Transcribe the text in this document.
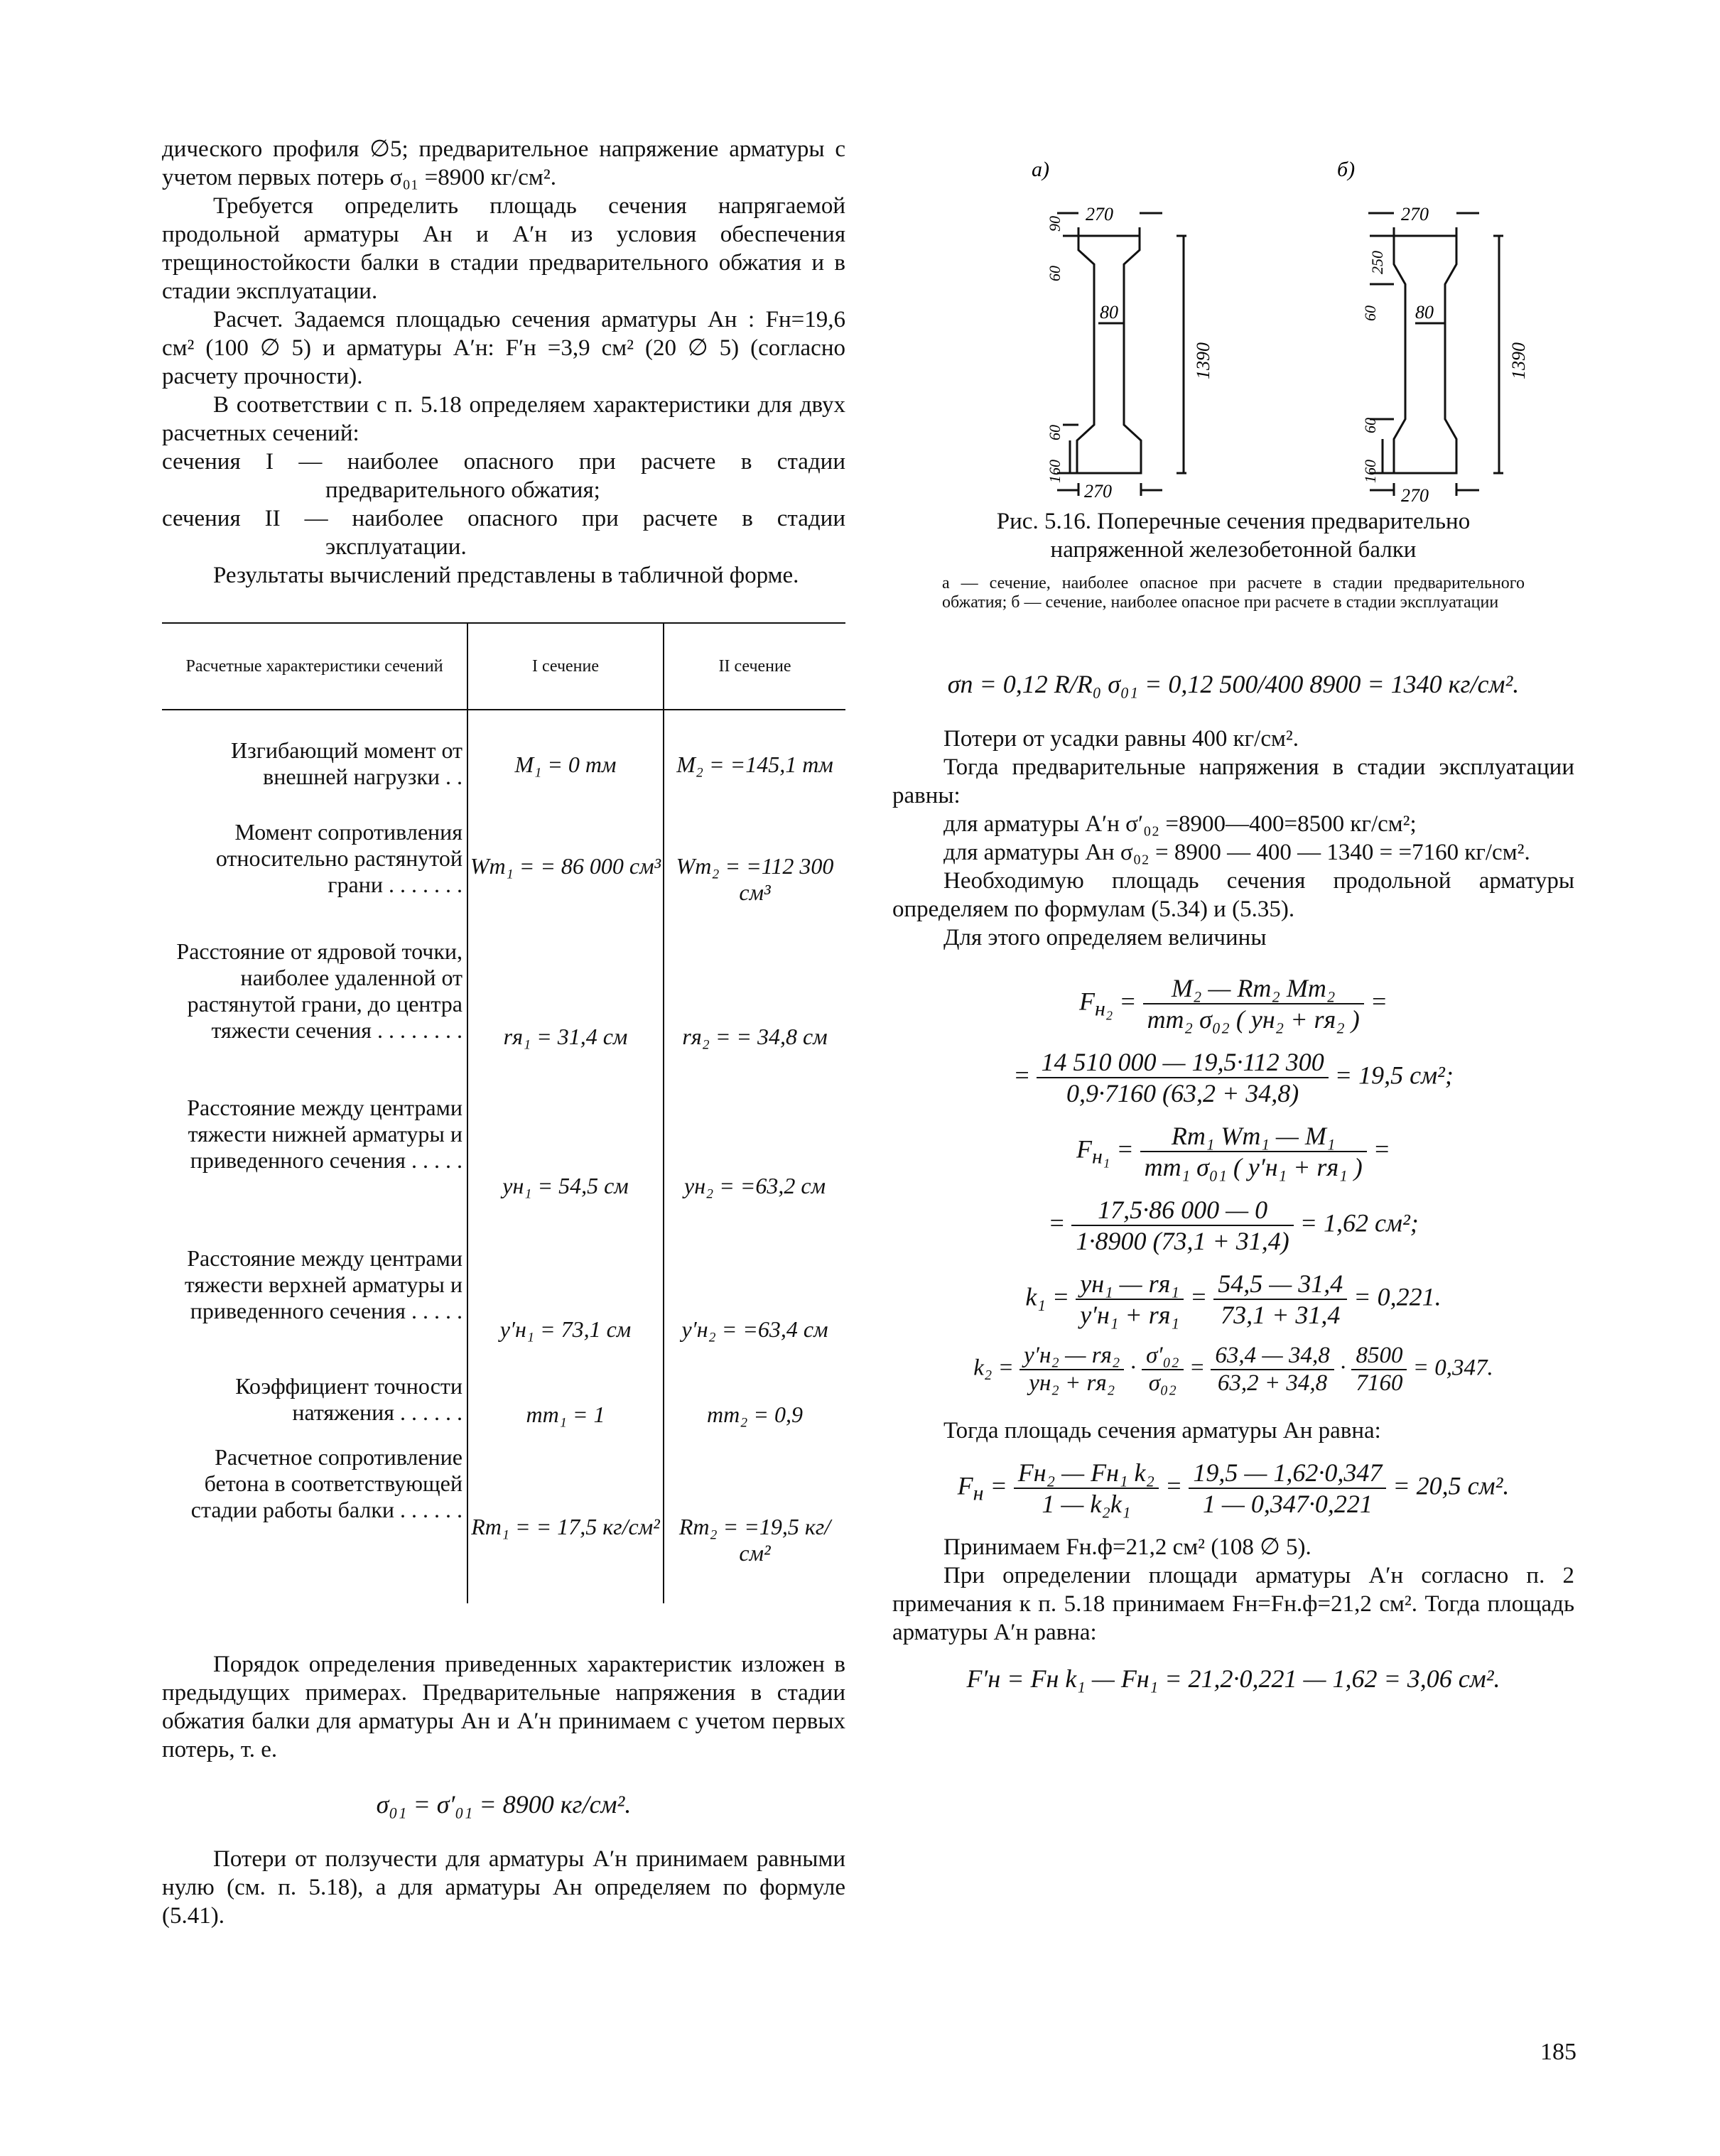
дического профиля ∅5; предварительное напряжение арматуры с учетом первых потерь σ₀₁ =8900 кг/см².

Требуется определить площадь сечения напрягаемой продольной арматуры Aн и A′н из условия обеспечения трещиностойкости балки в стадии предварительного обжатия и в стадии эксплуатации.

Расчет. Задаемся площадью сечения арматуры Aн : Fн=19,6 см² (100 ∅ 5) и арматуры A′н: F′н =3,9 см² (20 ∅ 5) (согласно расчету прочности).

В соответствии с п. 5.18 определяем характеристики для двух расчетных сечений:

сечения I — наиболее опасного при расчете в стадии предварительного обжатия;

сечения II — наиболее опасного при расчете в стадии эксплуатации.

Результаты вычислений представлены в табличной форме.

Расчетные характеристики сечений	I сечение	II сечение
Изгибающий момент от внешней нагрузки . .	M₁ = 0 тм	M₂ = =145,1 тм
Момент сопротивления относительно растянутой грани . . . . . . .	Wт₁ = = 86 000 см³	Wт₂ = =112 300 см³
Расстояние от ядровой точки, наиболее удаленной от растянутой грани, до центра тяжести сечения . . . . . . . .	rя₁ = 31,4 см	rя₂ = = 34,8 см
Расстояние между центрами тяжести нижней арматуры и приведенного сечения . . . . .	yн₁ = 54,5 см	yн₂ = =63,2 см
Расстояние между центрами тяжести верхней арматуры и приведенного сечения . . . . .	y′н₁ = 73,1 см	y′н₂ = =63,4 см
Коэффициент точности натяжения . . . . . .	mт₁ = 1	mт₂ = 0,9
Расчетное сопротивление бетона в соответствующей стадии работы балки . . . . . .	Rт₁ = = 17,5 кг/см²	Rт₂ = =19,5 кг/см²

Порядок определения приведенных характеристик изложен в предыдущих примерах. Предварительные напряжения в стадии обжатия балки для арматуры Aн и A′н принимаем с учетом первых потерь, т. е.

σ₀₁ = σ′₀₁ = 8900 кг/см².

Потери от ползучести для арматуры A′н принимаем равными нулю (см. п. 5.18), а для арматуры Aн определяем по формуле (5.41).

а)	б)
270
90
60
80
1390
60
160
270
270
250
60 80
1390
60
160
270

Рис. 5.16. Поперечные сечения предварительно напряженной железобетонной балки

а — сечение, наиболее опасное при расчете в стадии предварительного обжатия; б — сечение, наиболее опасное при расчете в стадии эксплуатации

σп = 0,12 R/R₀ σ₀₁ = 0,12 500/400 8900 = 1340 кг/см².

Потери от усадки равны 400 кг/см².

Тогда предварительные напряжения в стадии эксплуатации равны:

для арматуры A′н σ′₀₂ =8900—400=8500 кг/см²;

для арматуры Aн σ₀₂ = 8900 — 400 — 1340 = =7160 кг/см².

Необходимую площадь сечения продольной арматуры определяем по формулам (5.34) и (5.35).

Для этого определяем величины

$F_{н_2} = \frac{\text{M₂ — Rт₂ Mт₂}}{\text{mт₂ σ₀₂ ( yн₂ + rя₂ )}}$ =
= $\frac{14 510 000 — 19,5\cdot 112 300}{0,9\cdot 7160 (63,2 + 34,8)} = 19,5$ см²;
$F_{н_1} = \frac{\text{Rт₁ Wт₁ — M₁}}{\text{mт₁ σ₀₁ ( y′н₁ + rя₁ )}}$ =
= $\frac{17,5\cdot 86 000 — 0}{1\cdot 8900 (73,1 + 31,4)} = 1,62$ см²;
$k_1 = \frac{\text{yн₁ — rя₁}}{\text{y′н₁ + rя₁}} = \frac{54,5 — 31,4}{73,1 + 31,4} = 0,221$.
$k_2 = \frac{\text{y′н₂ — rя₂}}{\text{yн₂ + rя₂}} \cdot \frac{\text{σ′₀₂}}{\text{σ₀₂}} = \frac{63,4 — 34,8}{63,2 + 34,8} \cdot \frac{8500}{7160} = 0,347$.

Тогда площадь сечения арматуры Aн равна:

$F_н = \frac{\text{Fн₂ — Fн₁ k₂}}{\text{1 — k₂k₁}} = \frac{19,5 — 1,62\cdot 0,347}{1 — 0,347\cdot 0,221} = 20,5$ см².

Принимаем Fн.ф=21,2 см² (108 ∅ 5).

При определении площади арматуры A′н согласно п. 2 примечания к п. 5.18 принимаем Fн=Fн.ф=21,2 см². Тогда площадь арматуры A′н равна:

F′н = Fн k₁ — Fн₁ = 21,2·0,221 — 1,62 = 3,06 см².

185
